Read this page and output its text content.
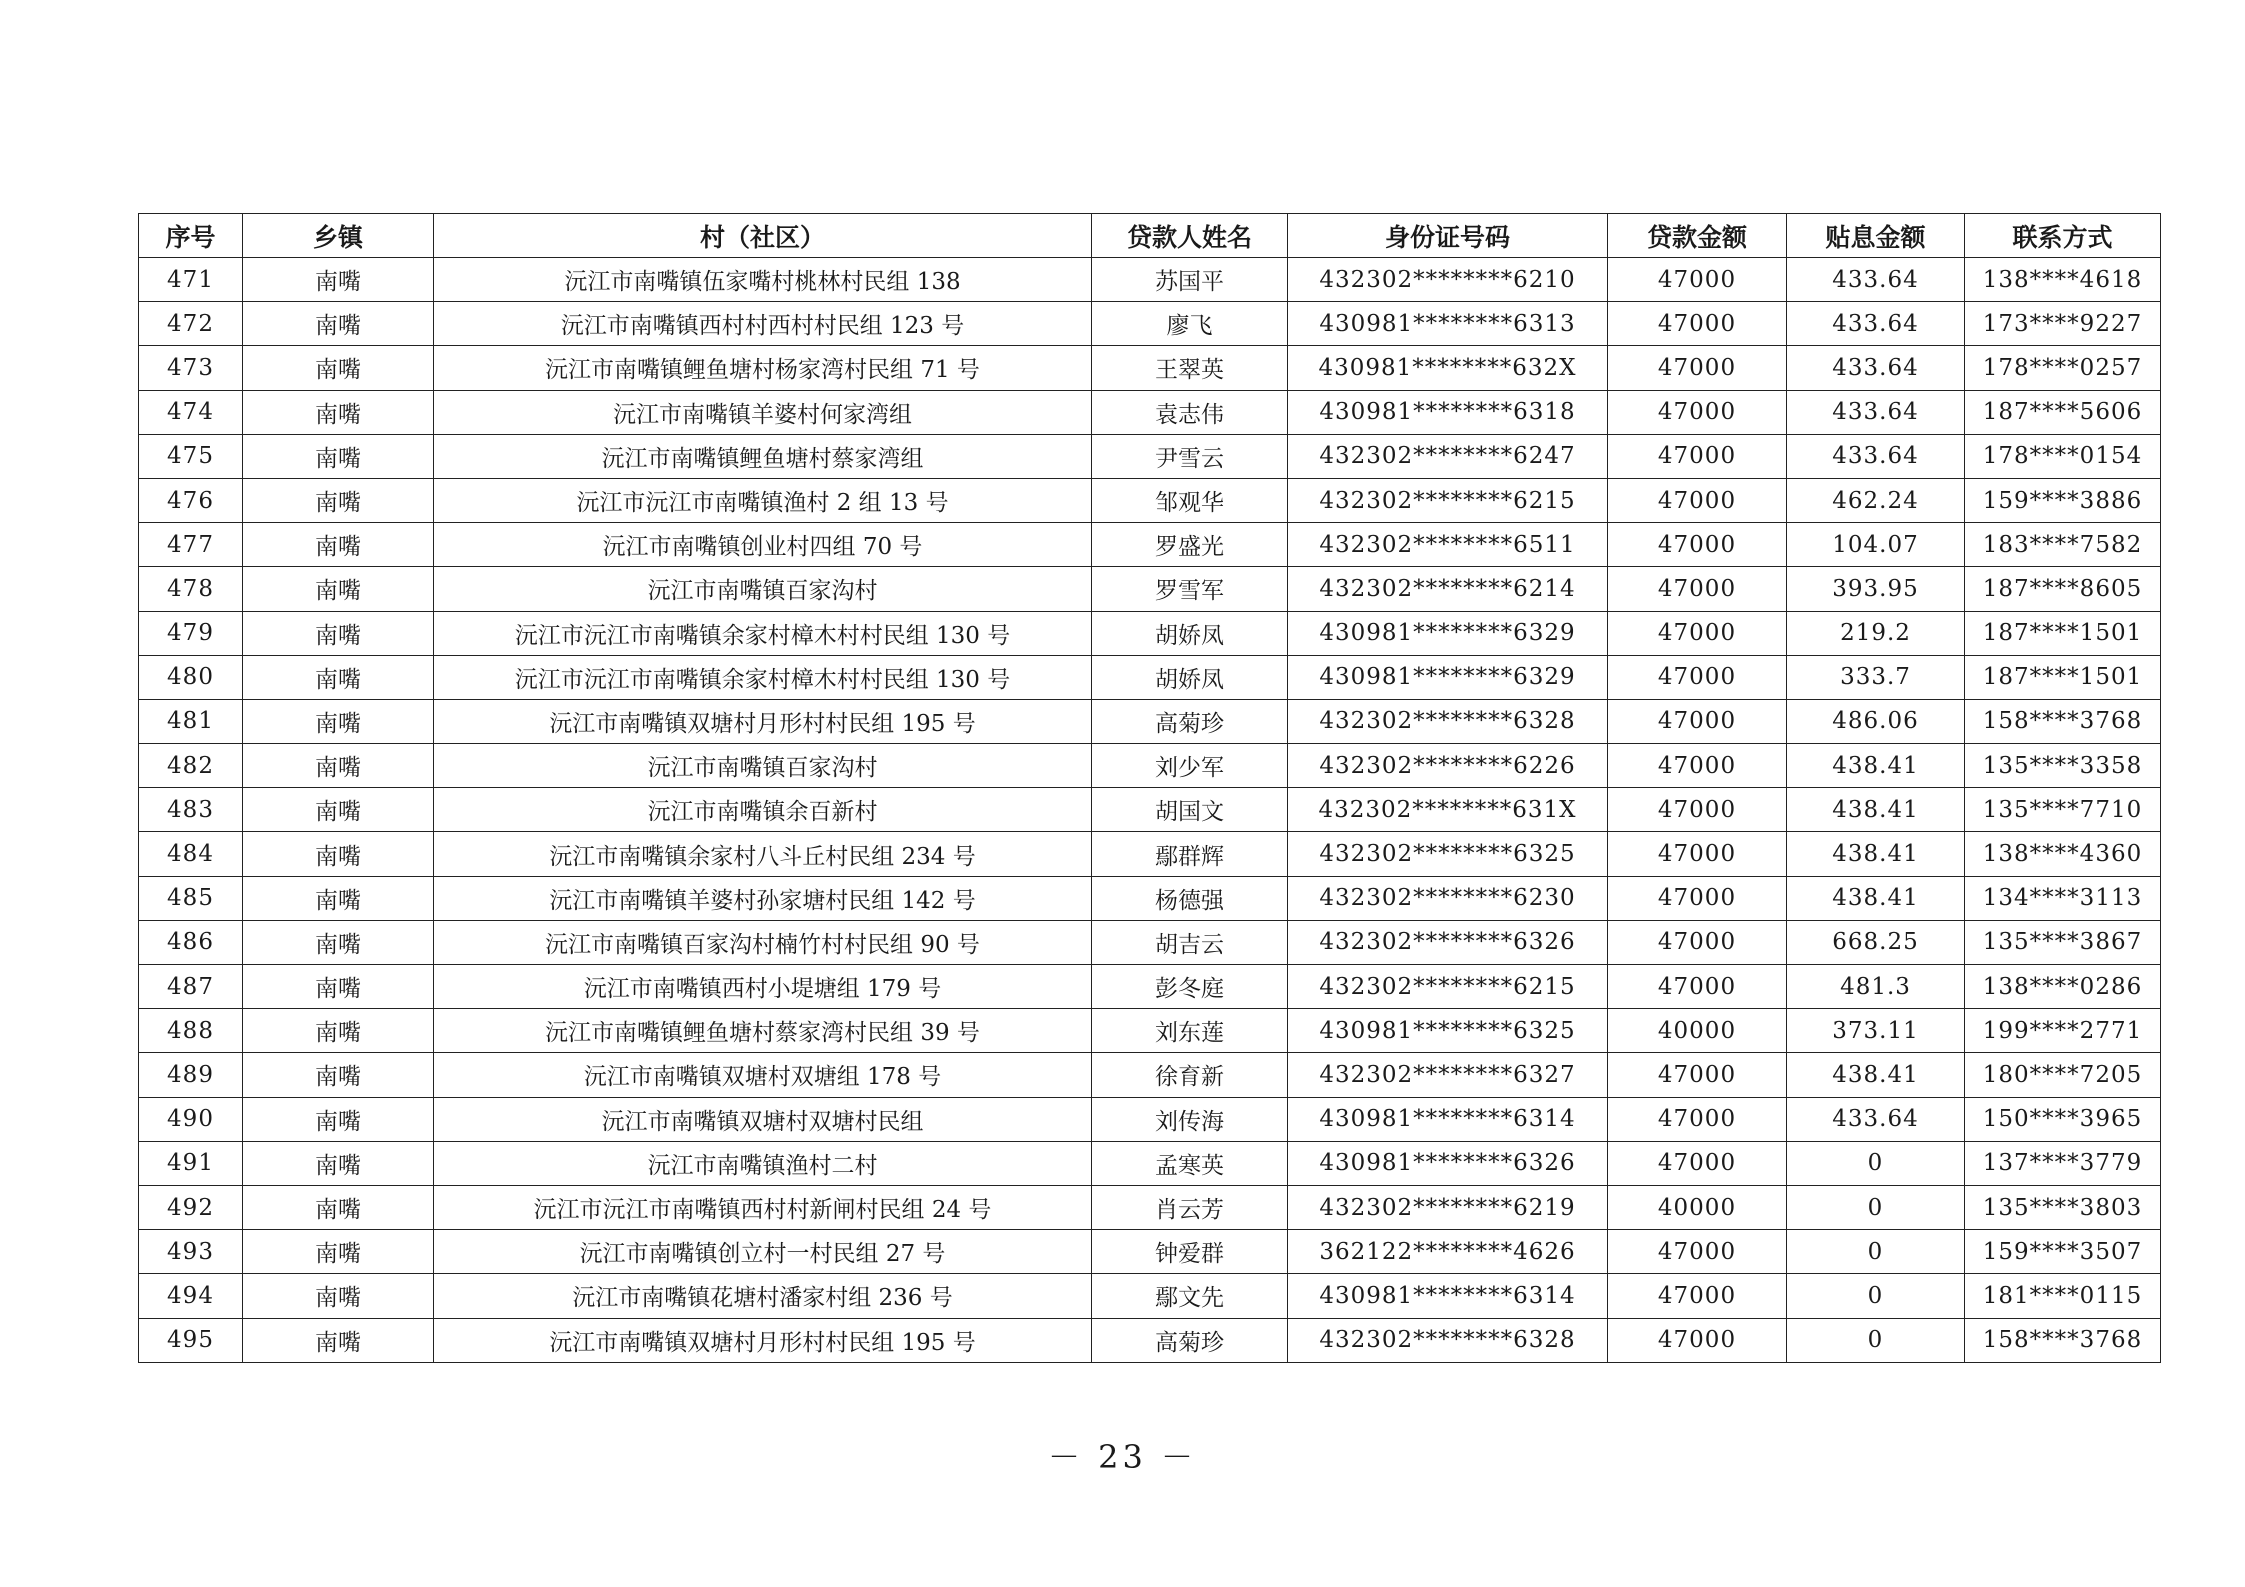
序号	乡镇	村（社区）	贷款人姓名	身份证号码	贷款金额	贴息金额	联系方式
471	南嘴	沅江市南嘴镇伍家嘴村桃林村民组 138	苏国平	432302********6210	47000	433.64	138****4618
472	南嘴	沅江市南嘴镇西村村西村村民组 123 号	廖飞	430981********6313	47000	433.64	173****9227
473	南嘴	沅江市南嘴镇鲤鱼塘村杨家湾村民组 71 号	王翠英	430981********632X	47000	433.64	178****0257
474	南嘴	沅江市南嘴镇羊婆村何家湾组	袁志伟	430981********6318	47000	433.64	187****5606
475	南嘴	沅江市南嘴镇鲤鱼塘村蔡家湾组	尹雪云	432302********6247	47000	433.64	178****0154
476	南嘴	沅江市沅江市南嘴镇渔村 2 组 13 号	邹观华	432302********6215	47000	462.24	159****3886
477	南嘴	沅江市南嘴镇创业村四组 70 号	罗盛光	432302********6511	47000	104.07	183****7582
478	南嘴	沅江市南嘴镇百家沟村	罗雪军	432302********6214	47000	393.95	187****8605
479	南嘴	沅江市沅江市南嘴镇余家村樟木村村民组 130 号	胡娇凤	430981********6329	47000	219.2	187****1501
480	南嘴	沅江市沅江市南嘴镇余家村樟木村村民组 130 号	胡娇凤	430981********6329	47000	333.7	187****1501
481	南嘴	沅江市南嘴镇双塘村月形村村民组 195 号	高菊珍	432302********6328	47000	486.06	158****3768
482	南嘴	沅江市南嘴镇百家沟村	刘少军	432302********6226	47000	438.41	135****3358
483	南嘴	沅江市南嘴镇余百新村	胡国文	432302********631X	47000	438.41	135****7710
484	南嘴	沅江市南嘴镇余家村八斗丘村民组 234 号	鄢群辉	432302********6325	47000	438.41	138****4360
485	南嘴	沅江市南嘴镇羊婆村孙家塘村民组 142 号	杨德强	432302********6230	47000	438.41	134****3113
486	南嘴	沅江市南嘴镇百家沟村楠竹村村民组 90 号	胡吉云	432302********6326	47000	668.25	135****3867
487	南嘴	沅江市南嘴镇西村小堤塘组 179 号	彭冬庭	432302********6215	47000	481.3	138****0286
488	南嘴	沅江市南嘴镇鲤鱼塘村蔡家湾村民组 39 号	刘东莲	430981********6325	40000	373.11	199****2771
489	南嘴	沅江市南嘴镇双塘村双塘组 178 号	徐育新	432302********6327	47000	438.41	180****7205
490	南嘴	沅江市南嘴镇双塘村双塘村民组	刘传海	430981********6314	47000	433.64	150****3965
491	南嘴	沅江市南嘴镇渔村二村	孟寒英	430981********6326	47000	0	137****3779
492	南嘴	沅江市沅江市南嘴镇西村村新闸村民组 24 号	肖云芳	432302********6219	40000	0	135****3803
493	南嘴	沅江市南嘴镇创立村一村民组 27 号	钟爱群	362122********4626	47000	0	159****3507
494	南嘴	沅江市南嘴镇花塘村潘家村组 236 号	鄢文先	430981********6314	47000	0	181****0115
495	南嘴	沅江市南嘴镇双塘村月形村村民组 195 号	高菊珍	432302********6328	47000	0	158****3768
－ 23 －
